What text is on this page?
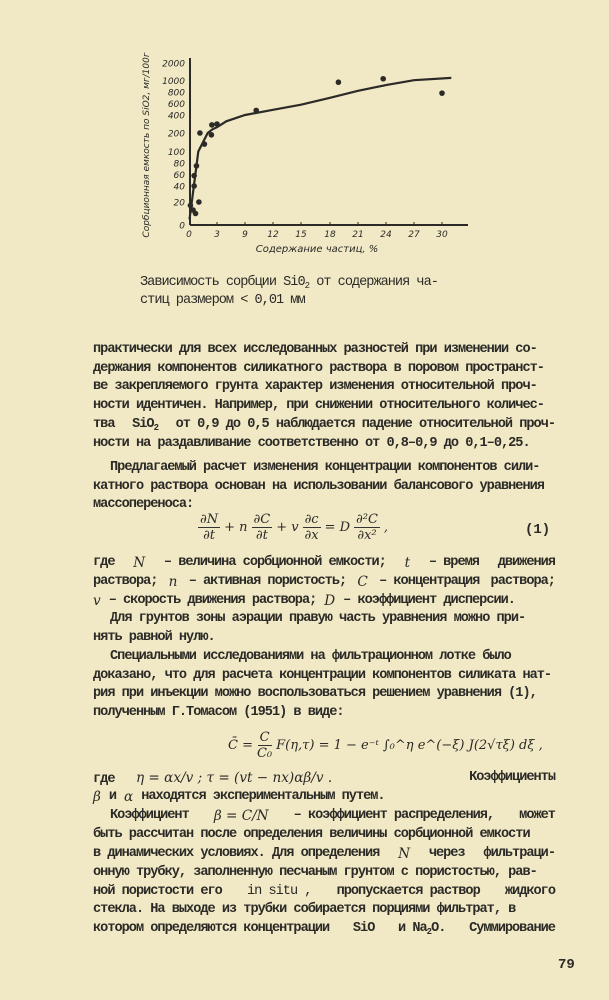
0 3 9 12 15 18 21 24 27 30
0
20
40
60
80
100
200
400
600
800
1000
2000
Содержание частиц, %
Сорбционная емкость по SiO2, мг/100г
Зависимость сорбции $Si0_2$ от содержания ча-
стиц размером < 0,01 мм
практически для всех исследованных разностей при изменении со-
держания компонентов силикатного раствора в поровом пространст-
ве закрепляемого грунта характер изменения относительной проч-
ности идентичен. Например, при снижении относительного количес-
тва SiO$_2$ от 0,9 до 0,5 наблюдается падение относительной проч-
ности на раздавливание соответственно от 0,8–0,9 до 0,1–0,25.
Предлагаемый расчет изменения концентрации компонентов сили-
катного раствора основан на использовании балансового уравнения
массопереноса:
∂N
∂t
+ n
∂C
∂t
+ v $\frac{\partial c}{\partial x} = D$
∂²C
∂x²
,	(1)
где N – величина сорбционной емкости; t – время движения
раствора; n – активная пористость; C – концентрация раствора;
v – скорость движения раствора; D – коэффициент дисперсии.
Для грунтов зоны аэрации правую часть уравнения можно при-
нять равной нулю.
Специальными исследованиями на фильтрационном лотке было
доказано, что для расчета концентрации компонентов силиката нат-
рия при инъекции можно воспользоваться решением уравнения (1),
полученным Г.Томасом (1951) в виде:
C̄ = $\frac{C}{\text{C₀}} F(\eta,\tau) = 1$ − e⁻ᵗ ∫₀^η e^(−ξ) J(2√τξ) dξ ,
где η = αx/v ; τ = (vt − nx)αβ/v .	Коэффициенты
β и α находятся экспериментальным путем.
Коэффициент β = C/N – коэффициент распределения, может
быть рассчитан после определения величины сорбционной емкости
в динамических условиях. Для определения N через фильтраци-
онную трубку, заполненную песчаным грунтом с пористостью, рав-
ной пористости его in situ , пропускается раствор жидкого
стекла. На выходе из трубки собирается порциями фильтрат, в
котором определяются концентрации SiO и $Na_2O$. Суммирование
79
